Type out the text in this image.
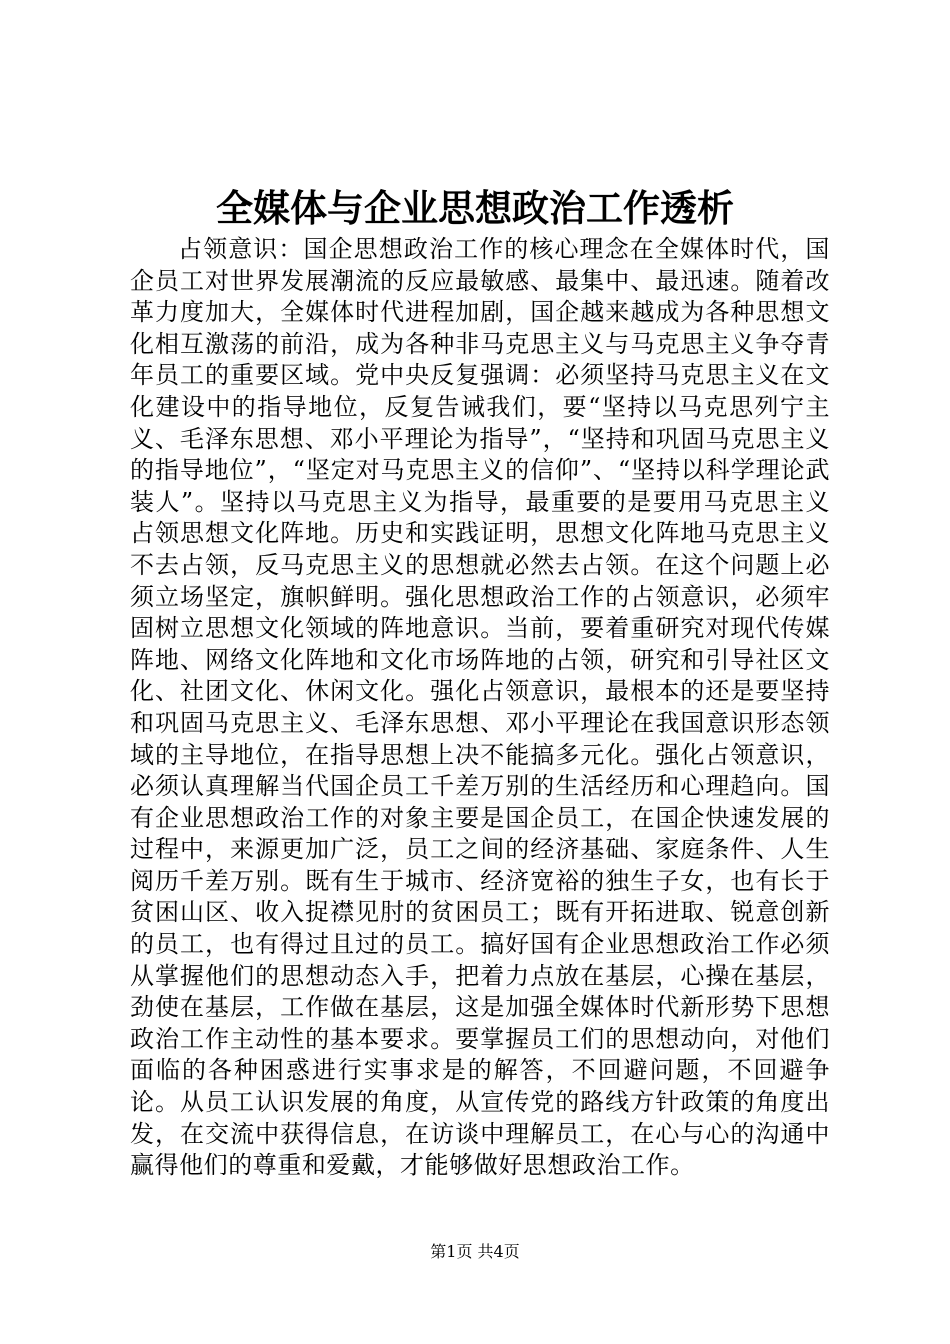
全媒体与企业思想政治工作透析

占领意识：国企思想政治工作的核心理念在全媒体时代，国企员工对世界发展潮流的反应最敏感、最集中、最迅速。随着改革力度加大，全媒体时代进程加剧，国企越来越成为各种思想文化相互激荡的前沿，成为各种非马克思主义与马克思主义争夺青年员工的重要区域。党中央反复强调：必须坚持马克思主义在文化建设中的指导地位，反复告诫我们，要“坚持以马克思列宁主义、毛泽东思想、邓小平理论为指导”，“坚持和巩固马克思主义的指导地位”，“坚定对马克思主义的信仰”、“坚持以科学理论武装人”。坚持以马克思主义为指导，最重要的是要用马克思主义占领思想文化阵地。历史和实践证明，思想文化阵地马克思主义不去占领，反马克思主义的思想就必然去占领。在这个问题上必须立场坚定，旗帜鲜明。强化思想政治工作的占领意识，必须牢固树立思想文化领域的阵地意识。当前，要着重研究对现代传媒阵地、网络文化阵地和文化市场阵地的占领，研究和引导社区文化、社团文化、休闲文化。强化占领意识，最根本的还是要坚持和巩固马克思主义、毛泽东思想、邓小平理论在我国意识形态领域的主导地位，在指导思想上决不能搞多元化。强化占领意识，必须认真理解当代国企员工千差万别的生活经历和心理趋向。国有企业思想政治工作的对象主要是国企员工，在国企快速发展的过程中，来源更加广泛，员工之间的经济基础、家庭条件、人生阅历千差万别。既有生于城市、经济宽裕的独生子女，也有长于贫困山区、收入捉襟见肘的贫困员工；既有开拓进取、锐意创新的员工，也有得过且过的员工。搞好国有企业思想政治工作必须从掌握他们的思想动态入手，把着力点放在基层，心操在基层，劲使在基层，工作做在基层，这是加强全媒体时代新形势下思想政治工作主动性的基本要求。要掌握员工们的思想动向，对他们面临的各种困惑进行实事求是的解答，不回避问题，不回避争论。从员工认识发展的角度，从宣传党的路线方针政策的角度出发，在交流中获得信息，在访谈中理解员工，在心与心的沟通中赢得他们的尊重和爱戴，才能够做好思想政治工作。

第1页 共4页
